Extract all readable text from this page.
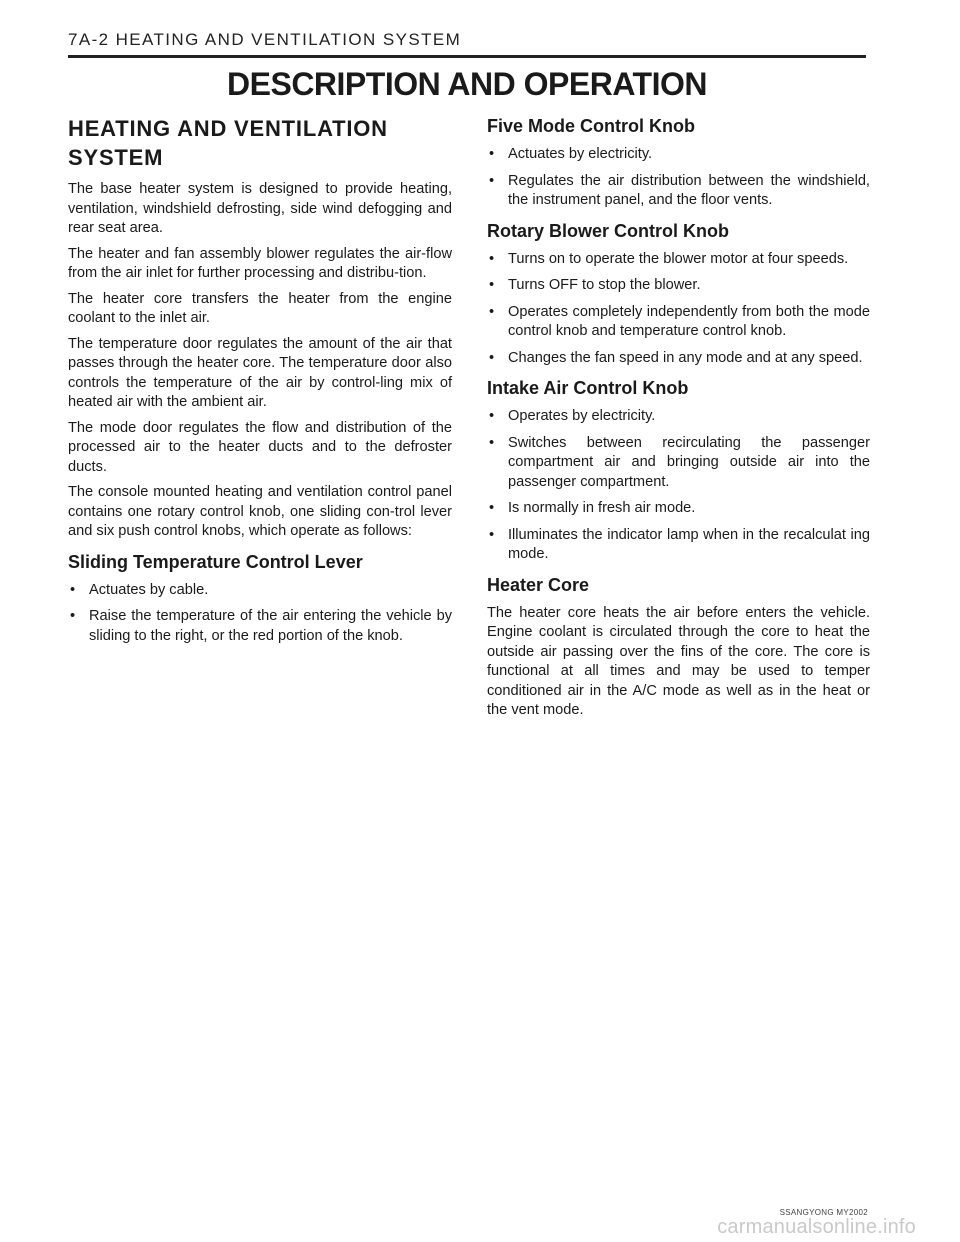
7A-2 HEATING AND VENTILATION SYSTEM
DESCRIPTION AND OPERATION
HEATING AND VENTILATION SYSTEM

The base heater system is designed to provide heating, ventilation, windshield defrosting, side wind defogging and rear seat area.

The heater and fan assembly blower regulates the air-flow from the air inlet for further processing and distribu-tion.

The heater core transfers the heater from the engine coolant to the inlet air.

The temperature door regulates the amount of the air that passes through the heater core. The temperature door also controls the temperature of the air by control-ling mix of heated air with the ambient air.

The mode door regulates the flow and distribution of the processed air to the heater ducts and to the defroster ducts.

The console mounted heating and ventilation control panel contains one rotary control knob, one sliding con-trol lever and six push control knobs, which operate as follows:

Sliding Temperature Control Lever
• Actuates by cable.
• Raise the temperature of the air entering the vehicle by sliding to the right, or the red portion of the knob.
Five Mode Control Knob
• Actuates by electricity.
• Regulates the air distribution between the windshield, the instrument panel, and the floor vents.
Rotary Blower Control Knob
• Turns on to operate the blower motor at four speeds.
• Turns OFF to stop the blower.
• Operates completely independently from both the mode control knob and temperature control knob.
• Changes the fan speed in any mode and at any speed.
Intake Air Control Knob
• Operates by electricity.
• Switches between recirculating the passenger compartment air and bringing outside air into the passenger compartment.
• Is normally in fresh air mode.
• Illuminates the indicator lamp when in the recalculat ing mode.
Heater Core

The heater core heats the air before enters the vehicle. Engine coolant is circulated through the core to heat the outside air passing over the fins of the core. The core is functional at all times and may be used to temper conditioned air in the A/C mode as well as in the heat or the vent mode.

SSANGYONG MY2002
carmanualsonline.info
